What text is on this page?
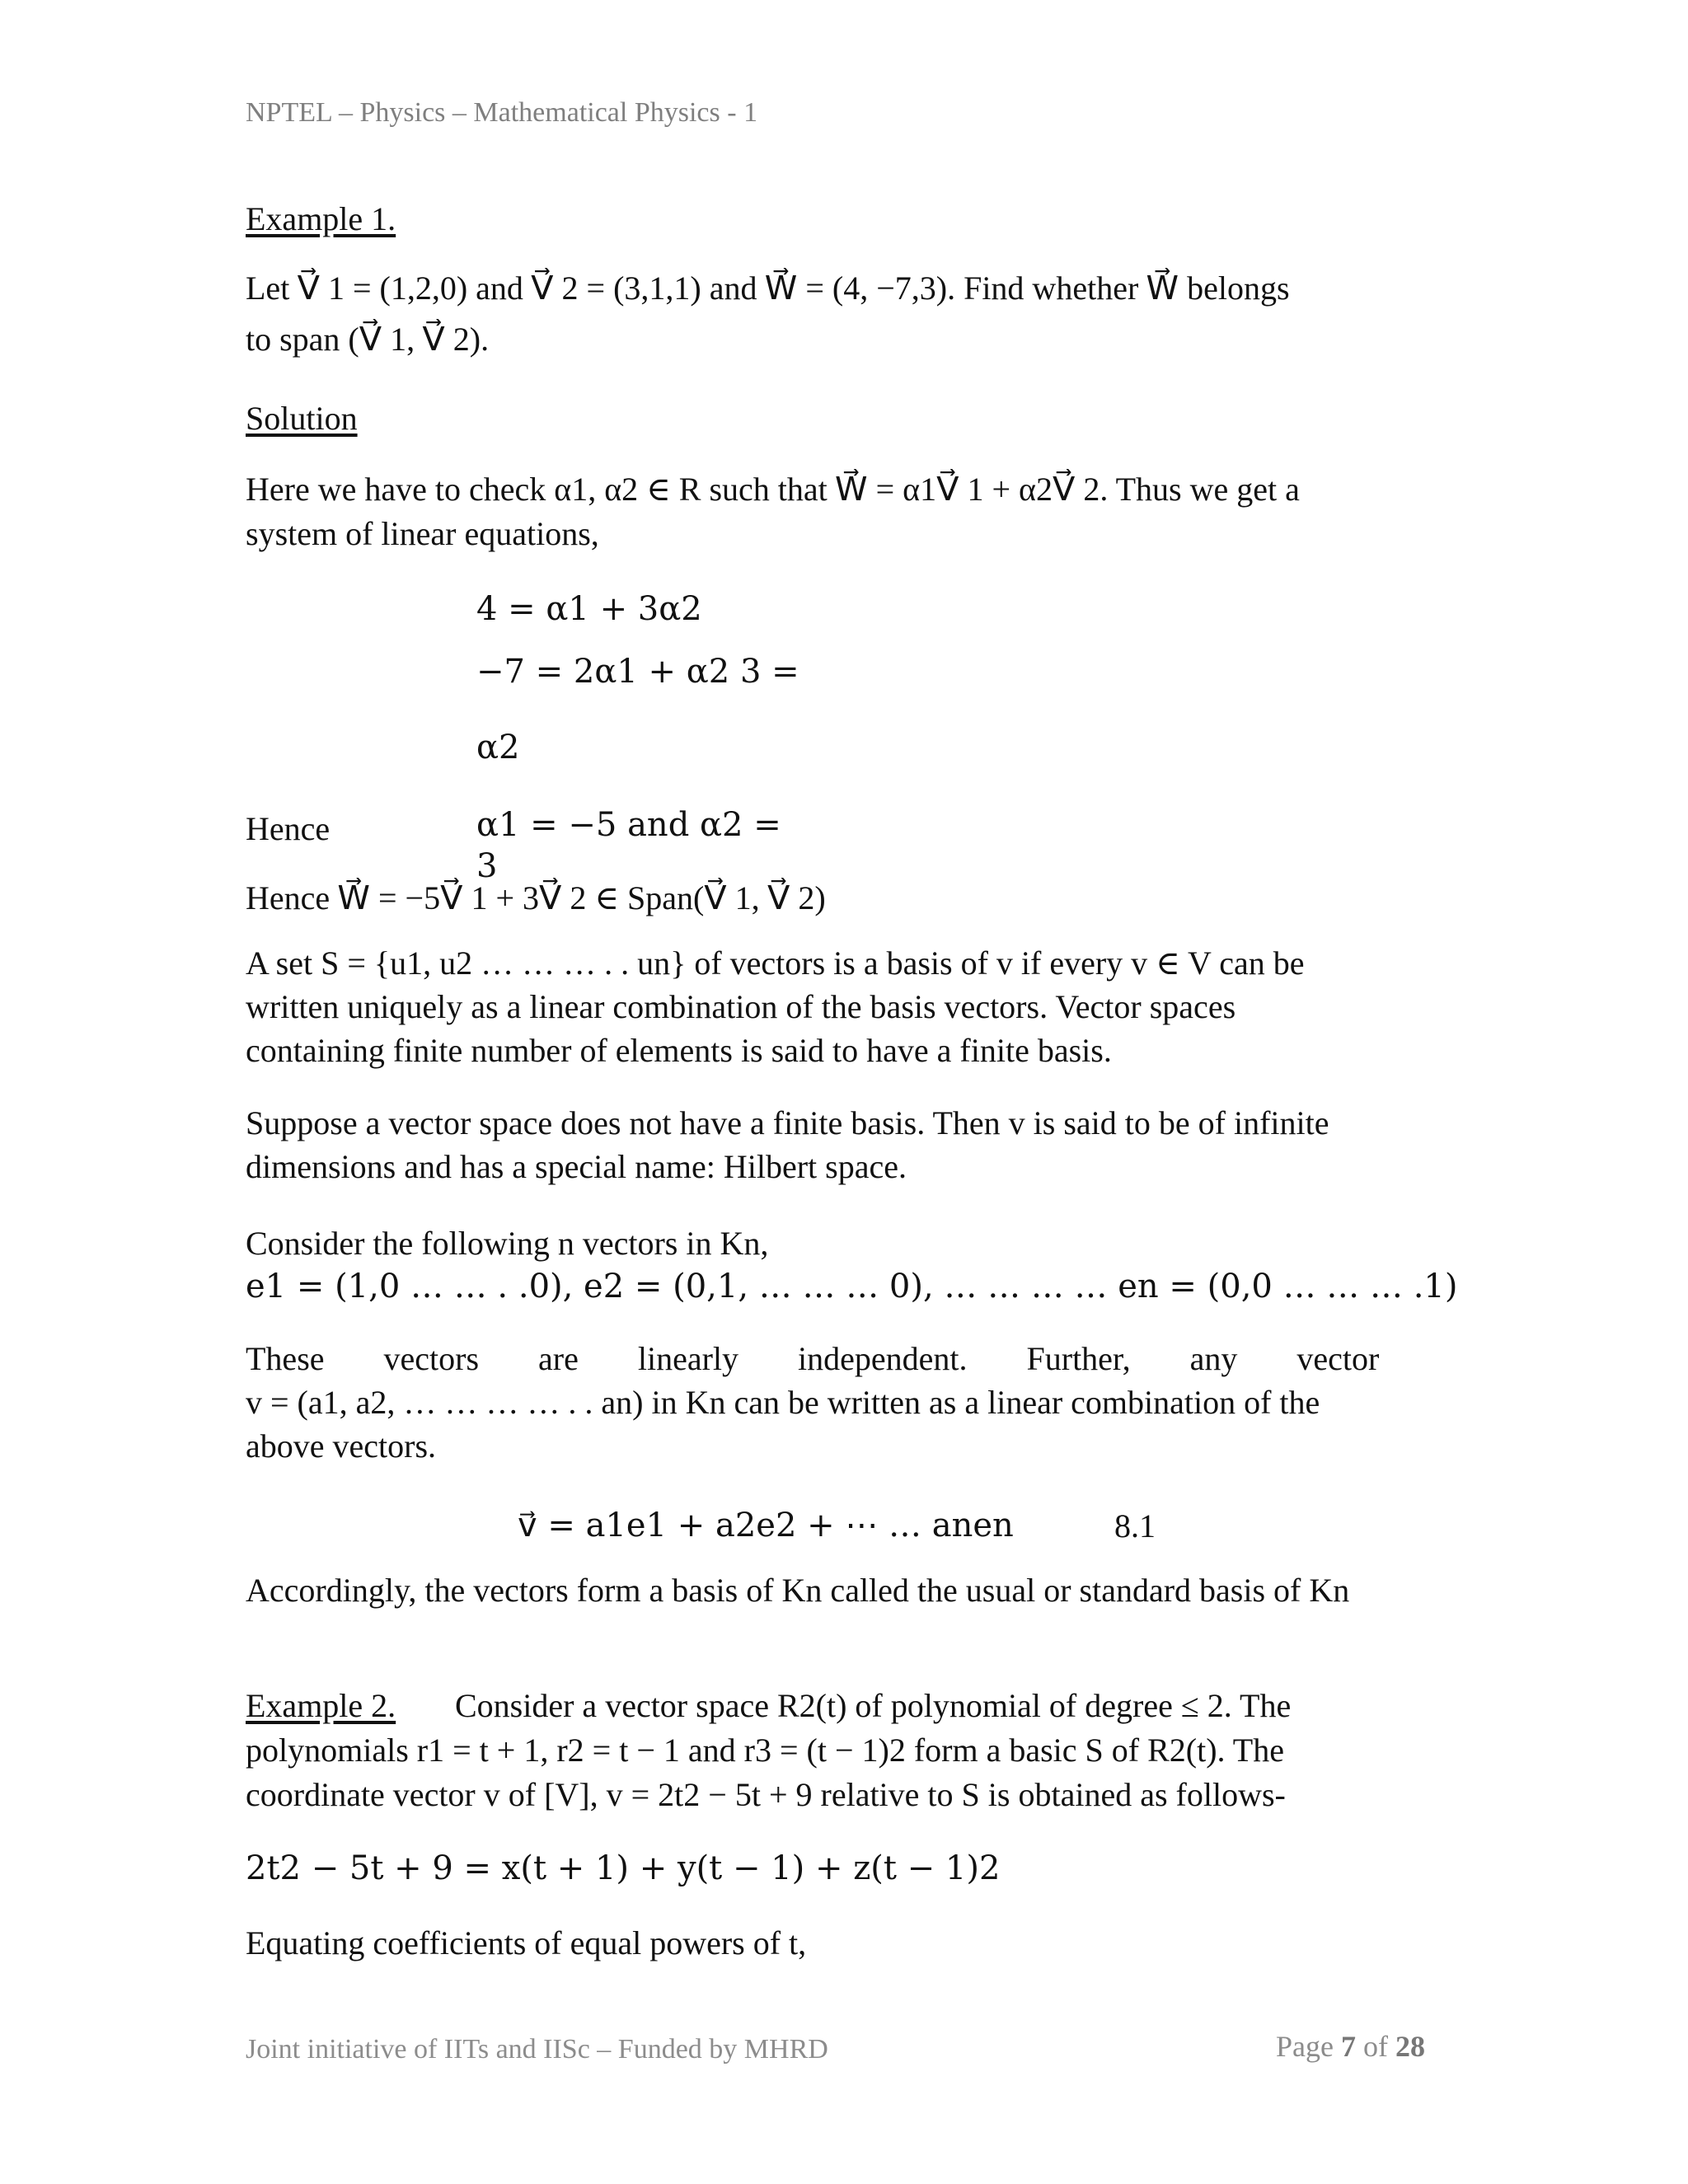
NPTEL – Physics – Mathematical Physics - 1
Example 1.
Let V⃗⃗ 1 = (1,2,0) and V⃗⃗ 2 = (3,1,1) and W⃗⃗ = (4, −7,3). Find whether W⃗⃗ belongs
to span (V⃗⃗ 1, V⃗⃗ 2).
Solution
Here we have to check α1, α2 ∈ R such that W⃗⃗ = α1V⃗⃗ 1 + α2V⃗⃗ 2. Thus we get a
system of linear equations,
4 = α1 + 3α2
−7 = 2α1 + α2 3 =
α2
Hence	α1 = −5 and α2 =
3
Hence W⃗⃗ = −5V⃗⃗ 1 + 3V⃗⃗ 2 ∈ Span(V⃗⃗ 1, V⃗⃗ 2)
A set S = {u1, u2 … … … . . un} of vectors is a basis of v if every v ∈ V can be
written uniquely as a linear combination of the basis vectors. Vector spaces
containing finite number of elements is said to have a finite basis.
Suppose a vector space does not have a finite basis. Then v is said to be of infinite
dimensions and has a special name: Hilbert space.
Consider the following n vectors in Kn,
e1 = (1,0 … … . .0), e2 = (0,1, … … … 0), … … … … en = (0,0 … … … .1)
These vectors are linearly independent. Further, any vector
v = (a1, a2, … … … … . . an) in Kn can be written as a linear combination of the
above vectors.
v⃗ = a1e1 + a2e2 + ⋯ … anen	8.1
Accordingly, the vectors form a basis of Kn called the usual or standard basis of Kn
Example 2. Consider a vector space R2(t) of polynomial of degree ≤ 2. The
polynomials r1 = t + 1, r2 = t − 1 and r3 = (t − 1)2 form a basic S of R2(t). The
coordinate vector v of [V], v = 2t2 − 5t + 9 relative to S is obtained as follows-
2t2 − 5t + 9 = x(t + 1) + y(t − 1) + z(t − 1)2
Equating coefficients of equal powers of t,
Joint initiative of IITs and IISc – Funded by MHRD	Page 7 of 28
